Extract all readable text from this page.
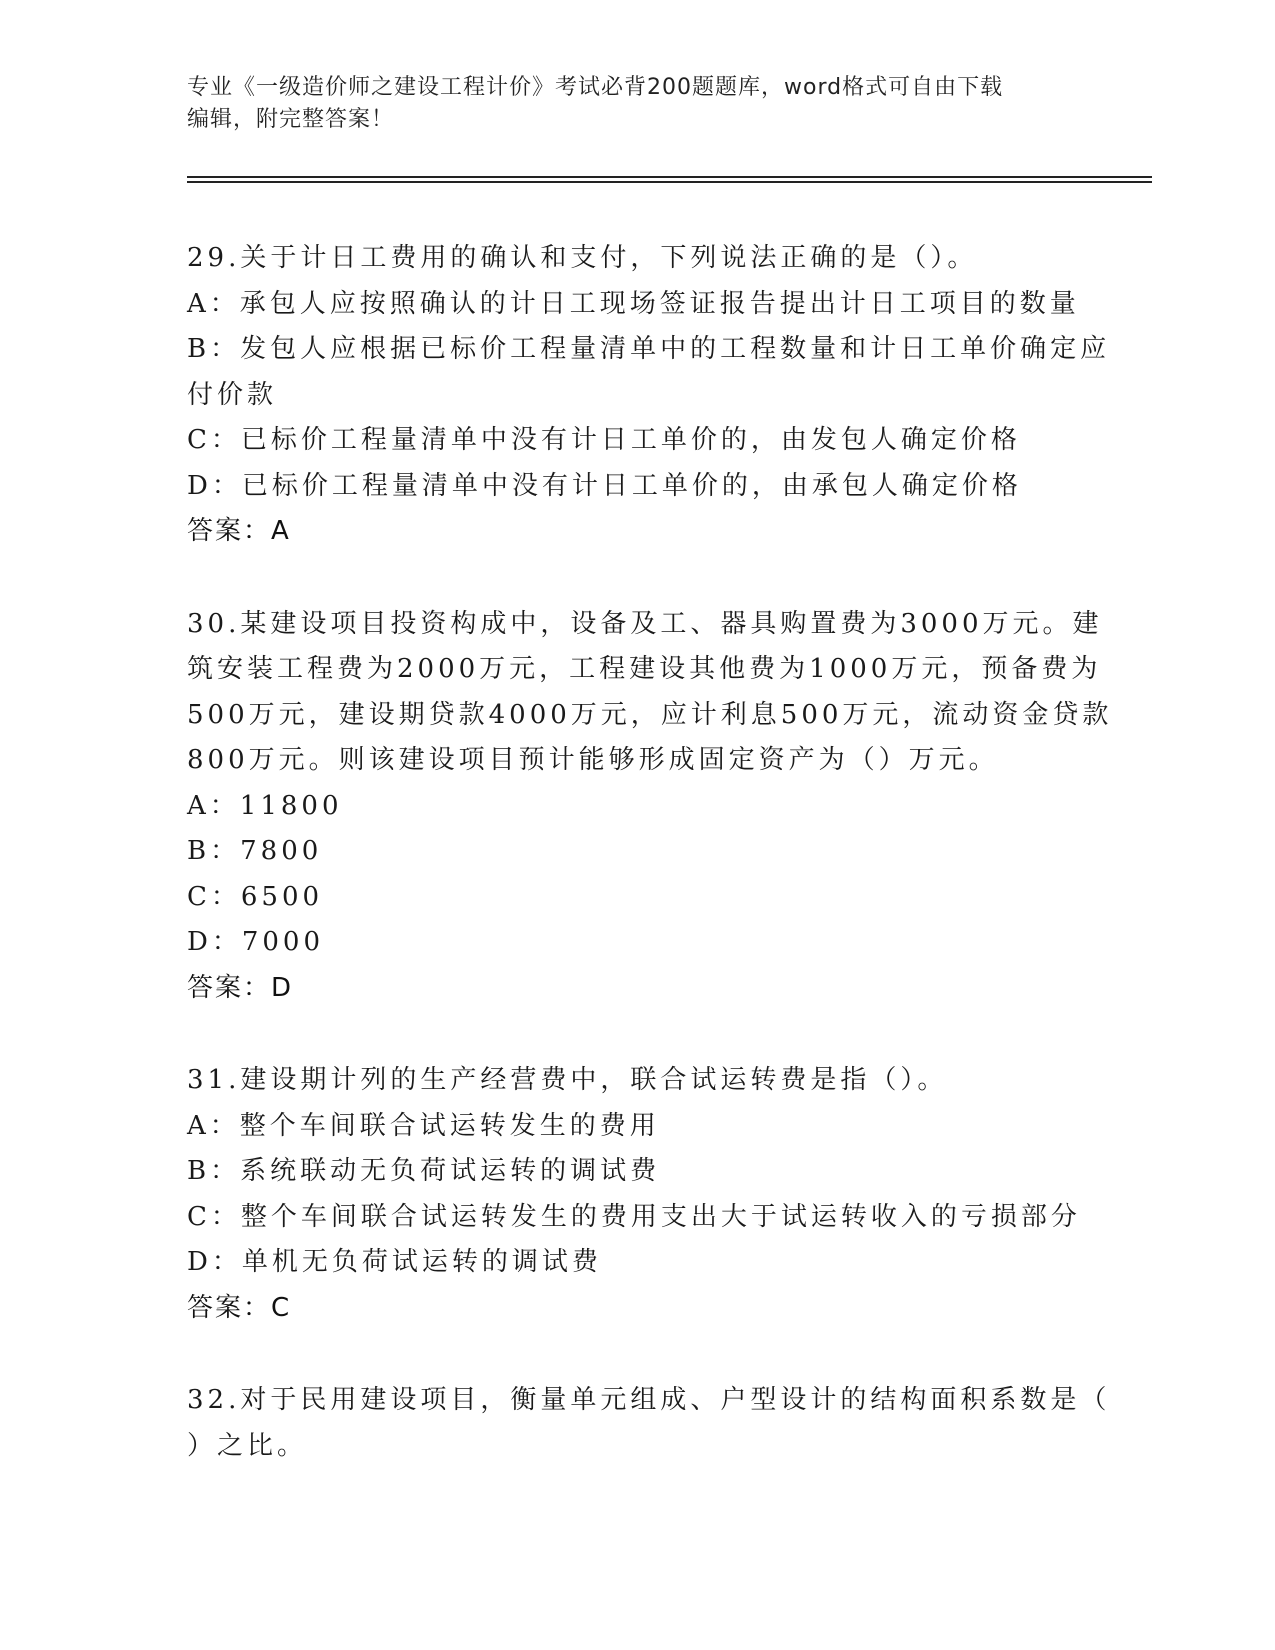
专业《一级造价师之建设工程计价》考试必背200题题库，word格式可自由下载
编辑，附完整答案！
29.关于计日工费用的确认和支付，下列说法正确的是（）。
A：承包人应按照确认的计日工现场签证报告提出计日工项目的数量
B：发包人应根据已标价工程量清单中的工程数量和计日工单价确定应
付价款
C：已标价工程量清单中没有计日工单价的，由发包人确定价格
D：已标价工程量清单中没有计日工单价的，由承包人确定价格
答案：A
30.某建设项目投资构成中，设备及工、器具购置费为3000万元。建
筑安装工程费为2000万元，工程建设其他费为1000万元，预备费为
500万元，建设期贷款4000万元，应计利息500万元，流动资金贷款
800万元。则该建设项目预计能够形成固定资产为（）万元。
A：11800
B：7800
C：6500
D：7000
答案：D
31.建设期计列的生产经营费中，联合试运转费是指（）。
A：整个车间联合试运转发生的费用
B：系统联动无负荷试运转的调试费
C：整个车间联合试运转发生的费用支出大于试运转收入的亏损部分
D：单机无负荷试运转的调试费
答案：C
32.对于民用建设项目，衡量单元组成、户型设计的结构面积系数是（
）之比。
